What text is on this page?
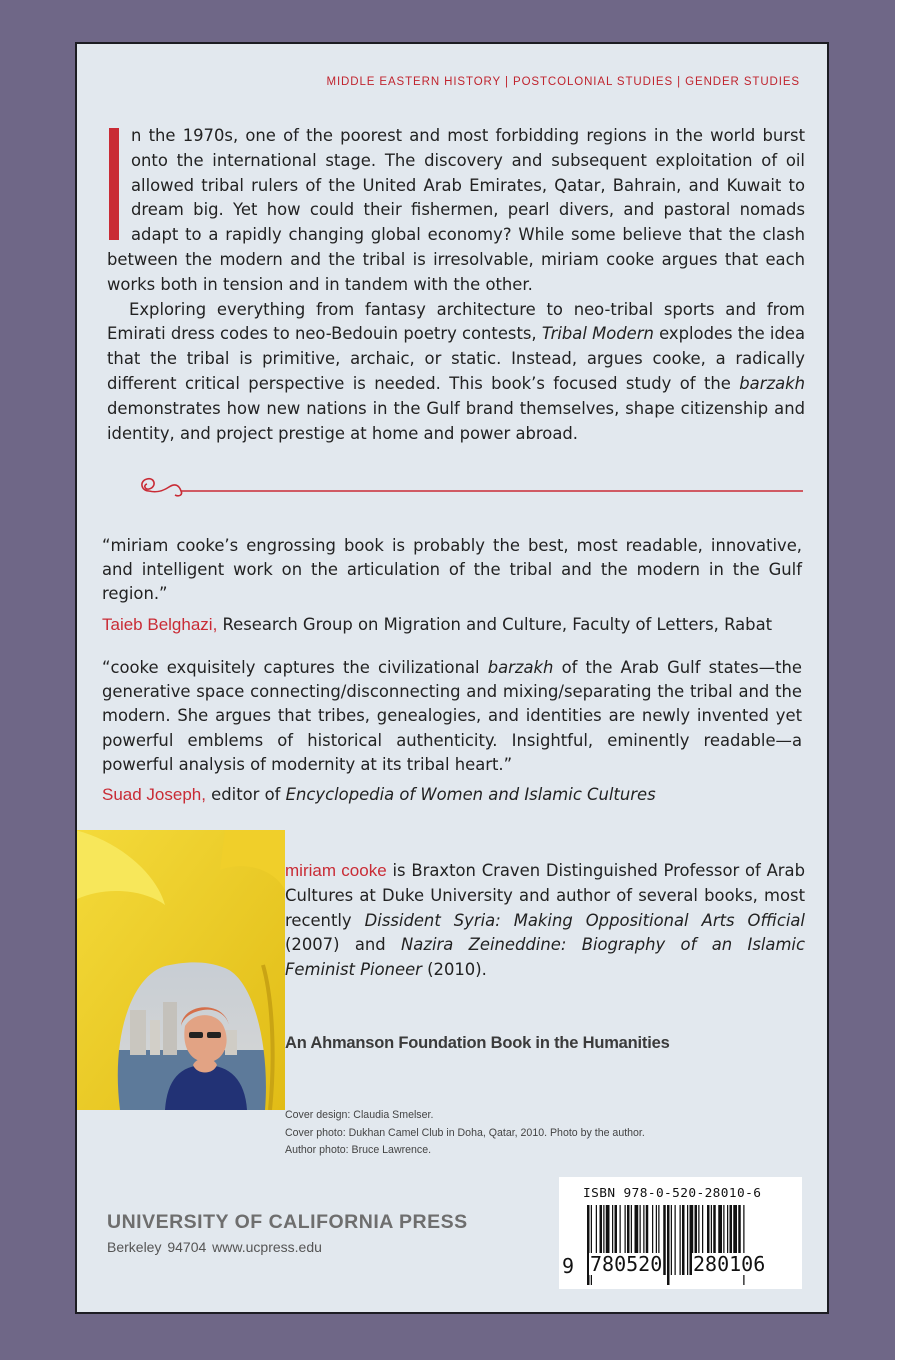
MIDDLE EASTERN HISTORY | POSTCOLONIAL STUDIES | GENDER STUDIES

n the 1970s, one of the poorest and most forbidding regions in the world burst onto the international stage. The discovery and subsequent exploitation of oil allowed tribal rulers of the United Arab Emirates, Qatar, Bahrain, and Kuwait to dream big. Yet how could their fishermen, pearl divers, and pastoral nomads adapt to a rapidly changing global economy? While some believe that the clash between the modern and the tribal is irresolvable, miriam cooke argues that each works both in tension and in tandem with the other.

Exploring everything from fantasy architecture to neo-tribal sports and from Emirati dress codes to neo-Bedouin poetry contests, Tribal Modern explodes the idea that the tribal is primitive, archaic, or static. Instead, argues cooke, a radically different critical perspective is needed. This book’s focused study of the barzakh demonstrates how new nations in the Gulf brand themselves, shape citizenship and identity, and project prestige at home and power abroad.

“miriam cooke’s engrossing book is probably the best, most readable, innovative, and intelligent work on the articulation of the tribal and the modern in the Gulf region.”
Taieb Belghazi, Research Group on Migration and Culture, Faculty of Letters, Rabat
“cooke exquisitely captures the civilizational barzakh of the Arab Gulf states—the generative space connecting/disconnecting and mixing/separating the tribal and the modern. She argues that tribes, genealogies, and identities are newly invented yet powerful emblems of historical authenticity. Insightful, eminently readable—a powerful analysis of modernity at its tribal heart.”
Suad Joseph, editor of Encyclopedia of Women and Islamic Cultures
miriam cooke is Braxton Craven Distinguished Professor of Arab Cultures at Duke University and author of several books, most recently Dissident Syria: Making Oppositional Arts Official (2007) and Nazira Zeineddine: Biography of an Islamic Feminist Pioneer (2010).
An Ahmanson Foundation Book in the Humanities
Cover design: Claudia Smelser.
Cover photo: Dukhan Camel Club in Doha, Qatar, 2010. Photo by the author.
Author photo: Bruce Lawrence.
UNIVERSITY OF CALIFORNIA PRESS
Berkeley 94704 www.ucpress.edu
ISBN 978-0-520-28010-6
9 780520 280106
